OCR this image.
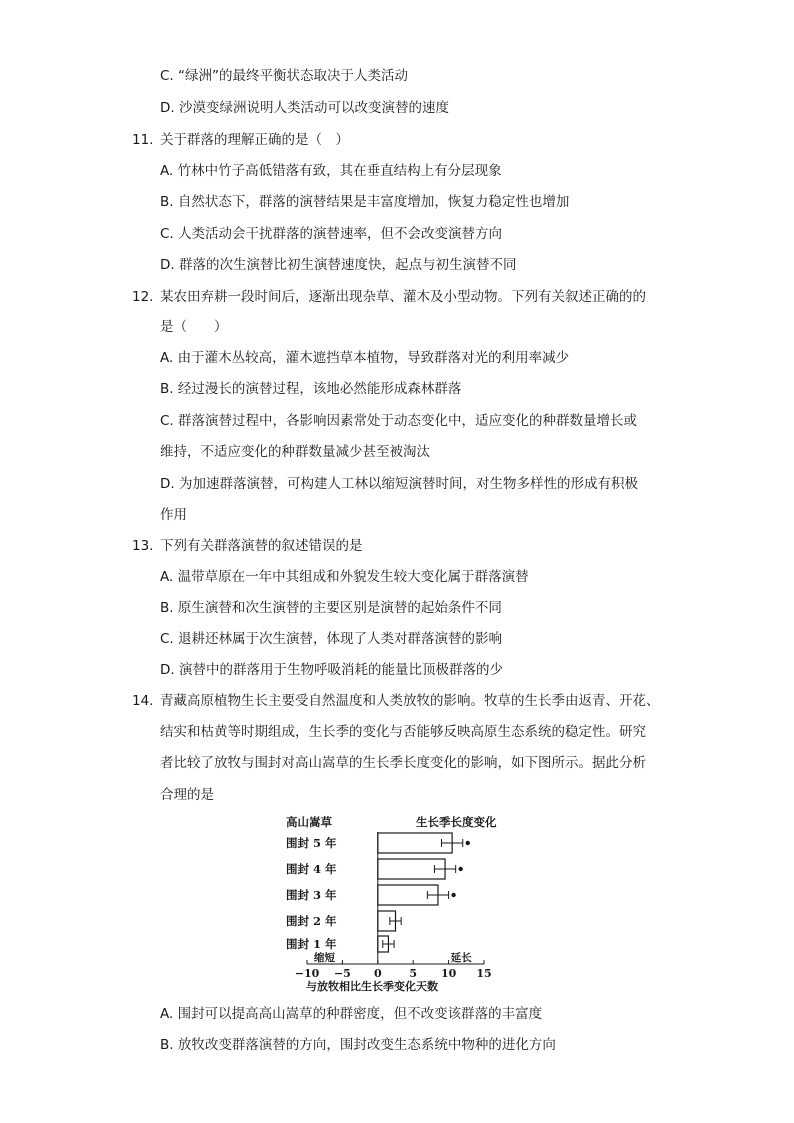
C. “绿洲”的最终平衡状态取决于人类活动
D. 沙漠变绿洲说明人类活动可以改变演替的速度
11. 关于群落的理解正确的是（　）
A. 竹林中竹子高低错落有致，其在垂直结构上有分层现象
B. 自然状态下，群落的演替结果是丰富度增加，恢复力稳定性也增加
C. 人类活动会干扰群落的演替速率，但不会改变演替方向
D. 群落的次生演替比初生演替速度快，起点与初生演替不同
12. 某农田弃耕一段时间后，逐渐出现杂草、灌木及小型动物。下列有关叙述正确的的
是（　　）
A. 由于灌木丛较高，灌木遮挡草本植物，导致群落对光的利用率减少
B. 经过漫长的演替过程，该地必然能形成森林群落
C. 群落演替过程中，各影响因素常处于动态变化中，适应变化的种群数量增长或
维持，不适应变化的种群数量减少甚至被淘汰
D. 为加速群落演替，可构建人工林以缩短演替时间，对生物多样性的形成有积极
作用
13. 下列有关群落演替的叙述错误的是
A. 温带草原在一年中其组成和外貌发生较大变化属于群落演替
B. 原生演替和次生演替的主要区别是演替的起始条件不同
C. 退耕还林属于次生演替，体现了人类对群落演替的影响
D. 演替中的群落用于生物呼吸消耗的能量比顶极群落的少
14. 青藏高原植物生长主要受自然温度和人类放牧的影响。牧草的生长季由返青、开花、
结实和枯黄等时期组成，生长季的变化与否能够反映高原生态系统的稳定性。研究
者比较了放牧与围封对高山嵩草的生长季长度变化的影响，如下图所示。据此分析
合理的是
高山嵩草	生长季长度变化
围封 5 年
围封 4 年
围封 3 年
围封 2 年
围封 1 年
−10 −5 0	5 10 15
缩短	延长
与放牧相比生长季变化天数
A. 围封可以提高高山嵩草的种群密度，但不改变该群落的丰富度
B. 放牧改变群落演替的方向，围封改变生态系统中物种的进化方向
